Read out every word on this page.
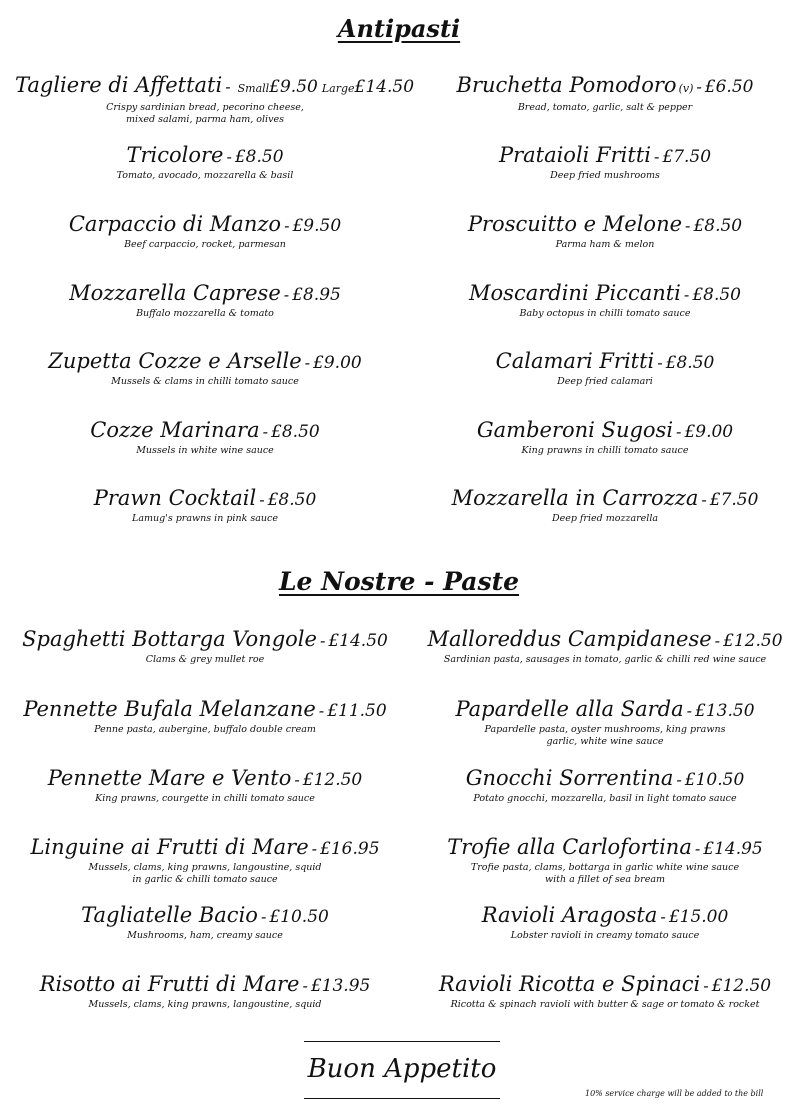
Antipasti
Tagliere di Affettati - Small£9.50 Large£14.50
Crispy sardinian bread, pecorino cheese,
mixed salami, parma ham, olives
Tricolore - £8.50
Tomato, avocado, mozzarella & basil
Carpaccio di Manzo - £9.50
Beef carpaccio, rocket, parmesan
Mozzarella Caprese - £8.95
Buffalo mozzarella & tomato
Zupetta Cozze e Arselle - £9.00
Mussels & clams in chilli tomato sauce
Cozze Marinara - £8.50
Mussels in white wine sauce
Prawn Cocktail - £8.50
Lamug's prawns in pink sauce
Bruchetta Pomodoro (v) - £6.50
Bread, tomato, garlic, salt & pepper
Prataioli Fritti - £7.50
Deep fried mushrooms
Proscuitto e Melone - £8.50
Parma ham & melon
Moscardini Piccanti - £8.50
Baby octopus in chilli tomato sauce
Calamari Fritti - £8.50
Deep fried calamari
Gamberoni Sugosi - £9.00
King prawns in chilli tomato sauce
Mozzarella in Carrozza - £7.50
Deep fried mozzarella
Le Nostre - Paste
Spaghetti Bottarga Vongole - £14.50
Clams & grey mullet roe
Pennette Bufala Melanzane - £11.50
Penne pasta, aubergine, buffalo double cream
Pennette Mare e Vento - £12.50
King prawns, courgette in chilli tomato sauce
Linguine ai Frutti di Mare - £16.95
Mussels, clams, king prawns, langoustine, squid
in garlic & chilli tomato sauce
Tagliatelle Bacio - £10.50
Mushrooms, ham, creamy sauce
Risotto ai Frutti di Mare - £13.95
Mussels, clams, king prawns, langoustine, squid
Malloreddus Campidanese - £12.50
Sardinian pasta, sausages in tomato, garlic & chilli red wine sauce
Papardelle alla Sarda - £13.50
Papardelle pasta, oyster mushrooms, king prawns
garlic, white wine sauce
Gnocchi Sorrentina - £10.50
Potato gnocchi, mozzarella, basil in light tomato sauce
Trofie alla Carlofortina - £14.95
Trofie pasta, clams, bottarga in garlic white wine sauce
with a fillet of sea bream
Ravioli Aragosta - £15.00
Lobster ravioli in creamy tomato sauce
Ravioli Ricotta e Spinaci - £12.50
Ricotta & spinach ravioli with butter & sage or tomato & rocket
Buon Appetito
10% service charge will be added to the bill
